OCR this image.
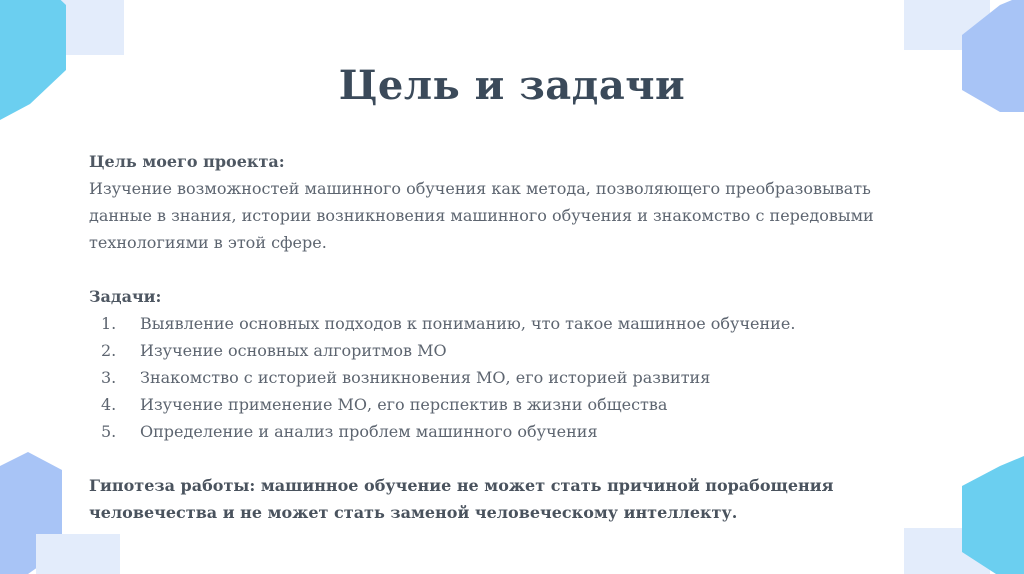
Цель и задачи

Цель моего проекта:

Изучение возможностей машинного обучения как метода, позволяющего преобразовывать данные в знания, истории возникновения машинного обучения и знакомство с передовыми технологиями в этой сфере.

Задачи:

1.	Выявление основных подходов к пониманию, что такое машинное обучение.
2.	Изучение основных алгоритмов МО
3.	Знакомство с историей возникновения МО, его историей развития
4.	Изучение применение МО, его перспектив в жизни общества
5.	Определение и анализ проблем машинного обучения

Гипотеза работы: машинное обучение не может стать причиной порабощения человечества и не может стать заменой человеческому интеллекту.
